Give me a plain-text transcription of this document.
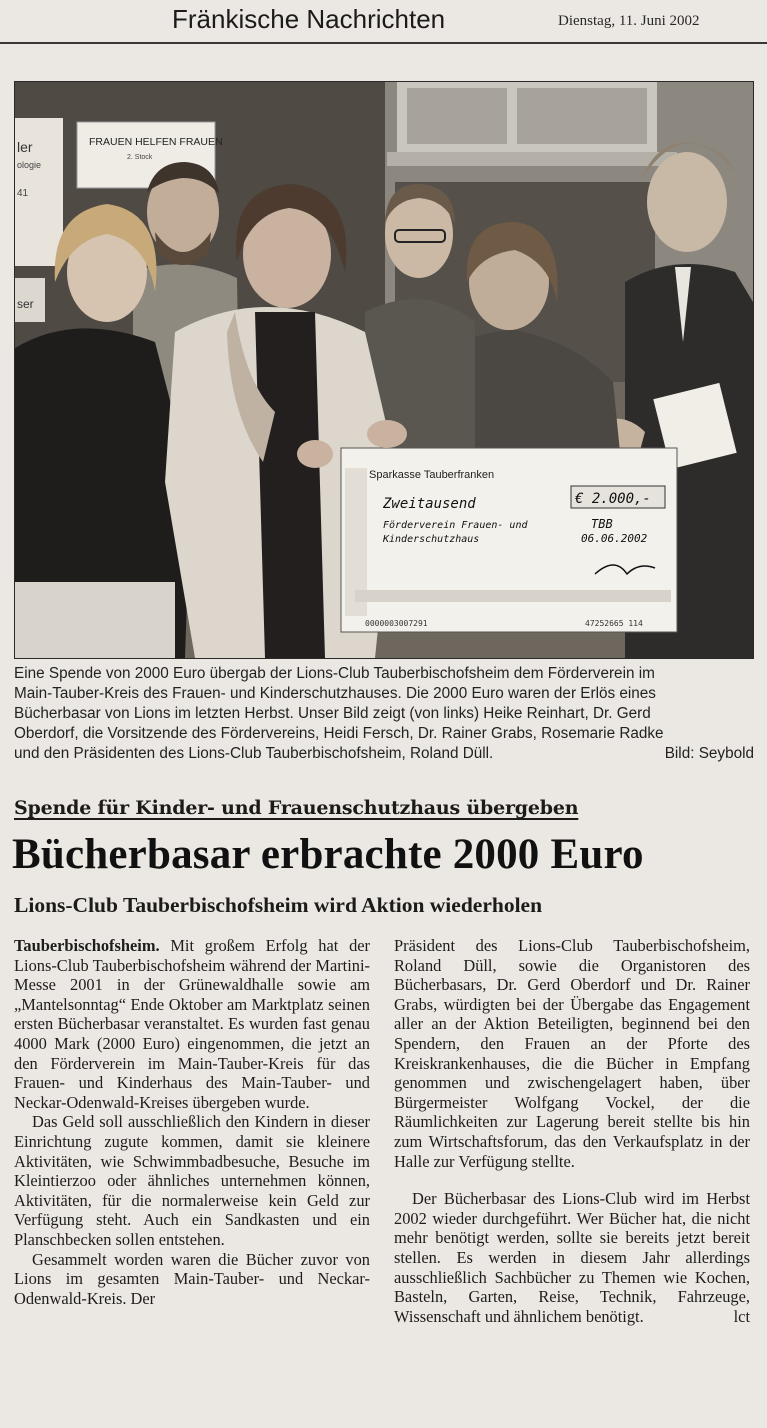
Fränkische Nachrichten	Dienstag, 11. Juni 2002
ler
ologie
41
ser
FRAUEN HELFEN FRAUEN
2. Stock
Sparkasse Tauberfranken
Zweitausend	€ 2.000,-
Förderverein Frauen- und
Kinderschutzhaus
TBB
06.06.2002
0000003007291	47252665 114
Eine Spende von 2000 Euro übergab der Lions-Club Tauberbischofsheim dem Förderverein im
Main-Tauber-Kreis des Frauen- und Kinderschutzhauses. Die 2000 Euro waren der Erlös eines
Bücherbasar von Lions im letzten Herbst. Unser Bild zeigt (von links) Heike Reinhart, Dr. Gerd
Oberdorf, die Vorsitzende des Fördervereins, Heidi Fersch, Dr. Rainer Grabs, Rosemarie Radke
und den Präsidenten des Lions-Club Tauberbischofsheim, Roland Düll.	Bild: Seybold
Spende für Kinder- und Frauenschutzhaus übergeben
Bücherbasar erbrachte 2000 Euro
Lions-Club Tauberbischofsheim wird Aktion wiederholen

Tauberbischofsheim. Mit großem Erfolg hat der Lions-Club Tauberbischofsheim während der Martini-Messe 2001 in der Grünewaldhalle sowie am „Mantelsonntag“ Ende Oktober am Marktplatz seinen ersten Bücherbasar veranstaltet. Es wurden fast genau 4000 Mark (2000 Euro) eingenommen, die jetzt an den Förderverein im Main-Tauber-Kreis für das Frauen- und Kinderhaus des Main-Tauber- und Neckar-Odenwald-Kreises übergeben wurde.

Das Geld soll ausschließlich den Kindern in dieser Einrichtung zugute kommen, damit sie kleinere Aktivitäten, wie Schwimmbadbesuche, Besuche im Kleintierzoo oder ähnliches unternehmen können, Aktivitäten, für die normalerweise kein Geld zur Verfügung steht. Auch ein Sandkasten und ein Planschbecken sollen entstehen.

Gesammelt worden waren die Bücher zuvor von Lions im gesamten Main-Tauber- und Neckar-Odenwald-Kreis. Der

Präsident des Lions-Club Tauberbischofsheim, Roland Düll, sowie die Organistoren des Bücherbasars, Dr. Gerd Oberdorf und Dr. Rainer Grabs, würdigten bei der Übergabe das Engagement aller an der Aktion Beteiligten, beginnend bei den Spendern, den Frauen an der Pforte des Kreiskrankenhauses, die die Bücher in Empfang genommen und zwischengelagert haben, über Bürgermeister Wolfgang Vockel, der die Räumlichkeiten zur Lagerung bereit stellte bis hin zum Wirtschaftsforum, das den Verkaufsplatz in der Halle zur Verfügung stellte.

Der Bücherbasar des Lions-Club wird im Herbst 2002 wieder durchgeführt. Wer Bücher hat, die nicht mehr benötigt werden, sollte sie bereits jetzt bereit stellen. Es werden in diesem Jahr allerdings ausschließlich Sachbücher zu Themen wie Kochen, Basteln, Garten, Reise, Technik, Fahrzeuge, Wissenschaft und ähnlichem benötigt.	lct
